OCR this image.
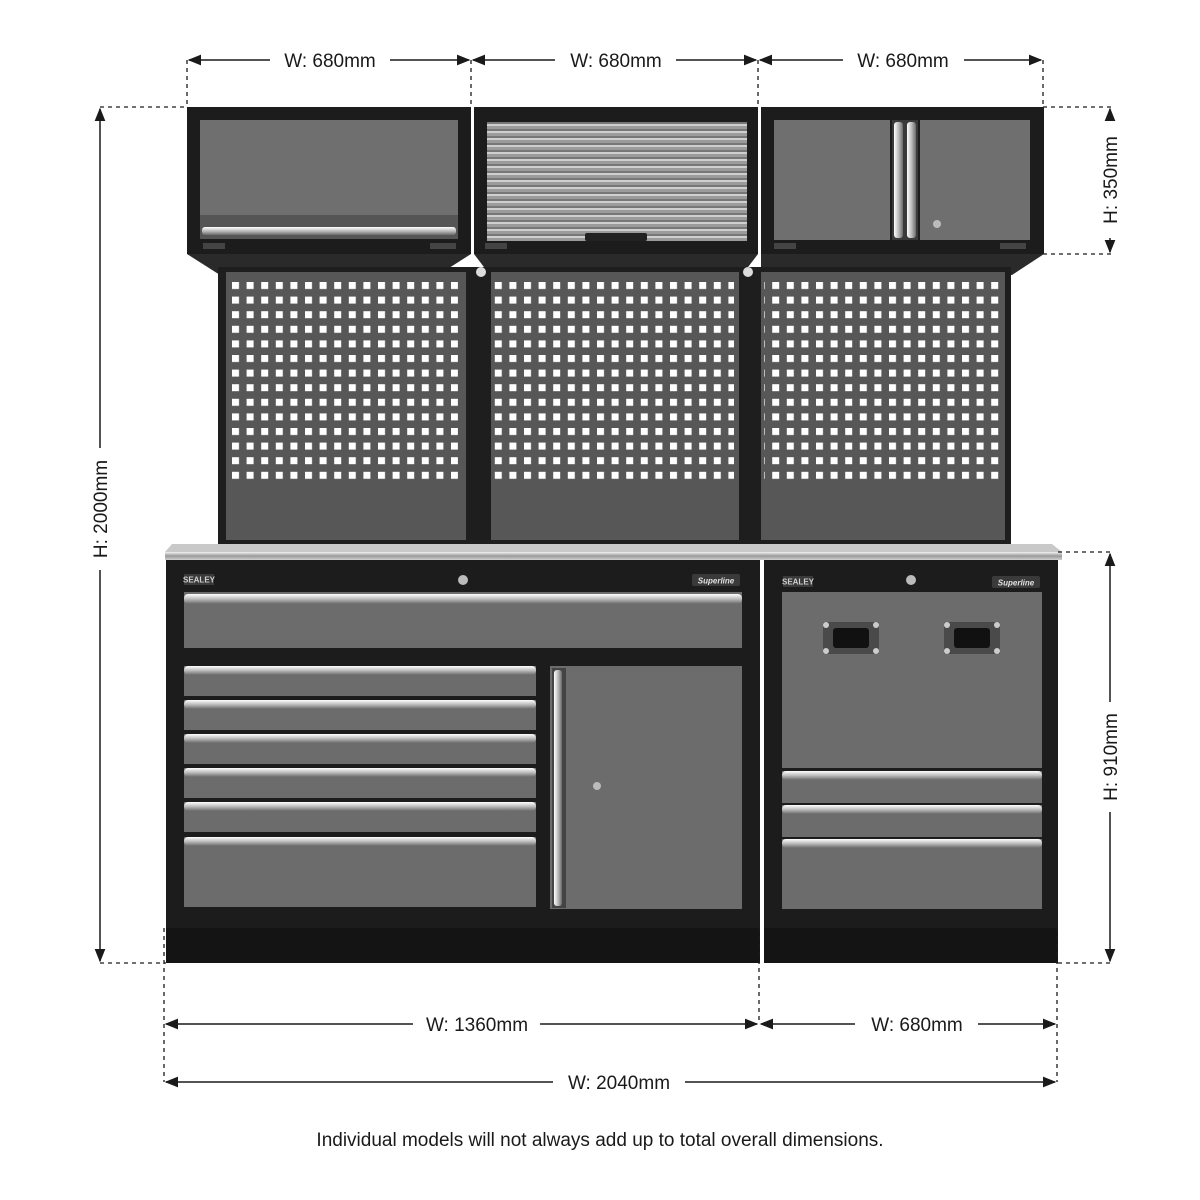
SEALEY	Superline	SEALEY	Superline
W: 680mm	W: 680mm	W: 680mm
H: 350mm
H: 2000mm
H: 910mm
W: 1360mm	W: 680mm
W: 2040mm
Individual models will not always add up to total overall dimensions.
